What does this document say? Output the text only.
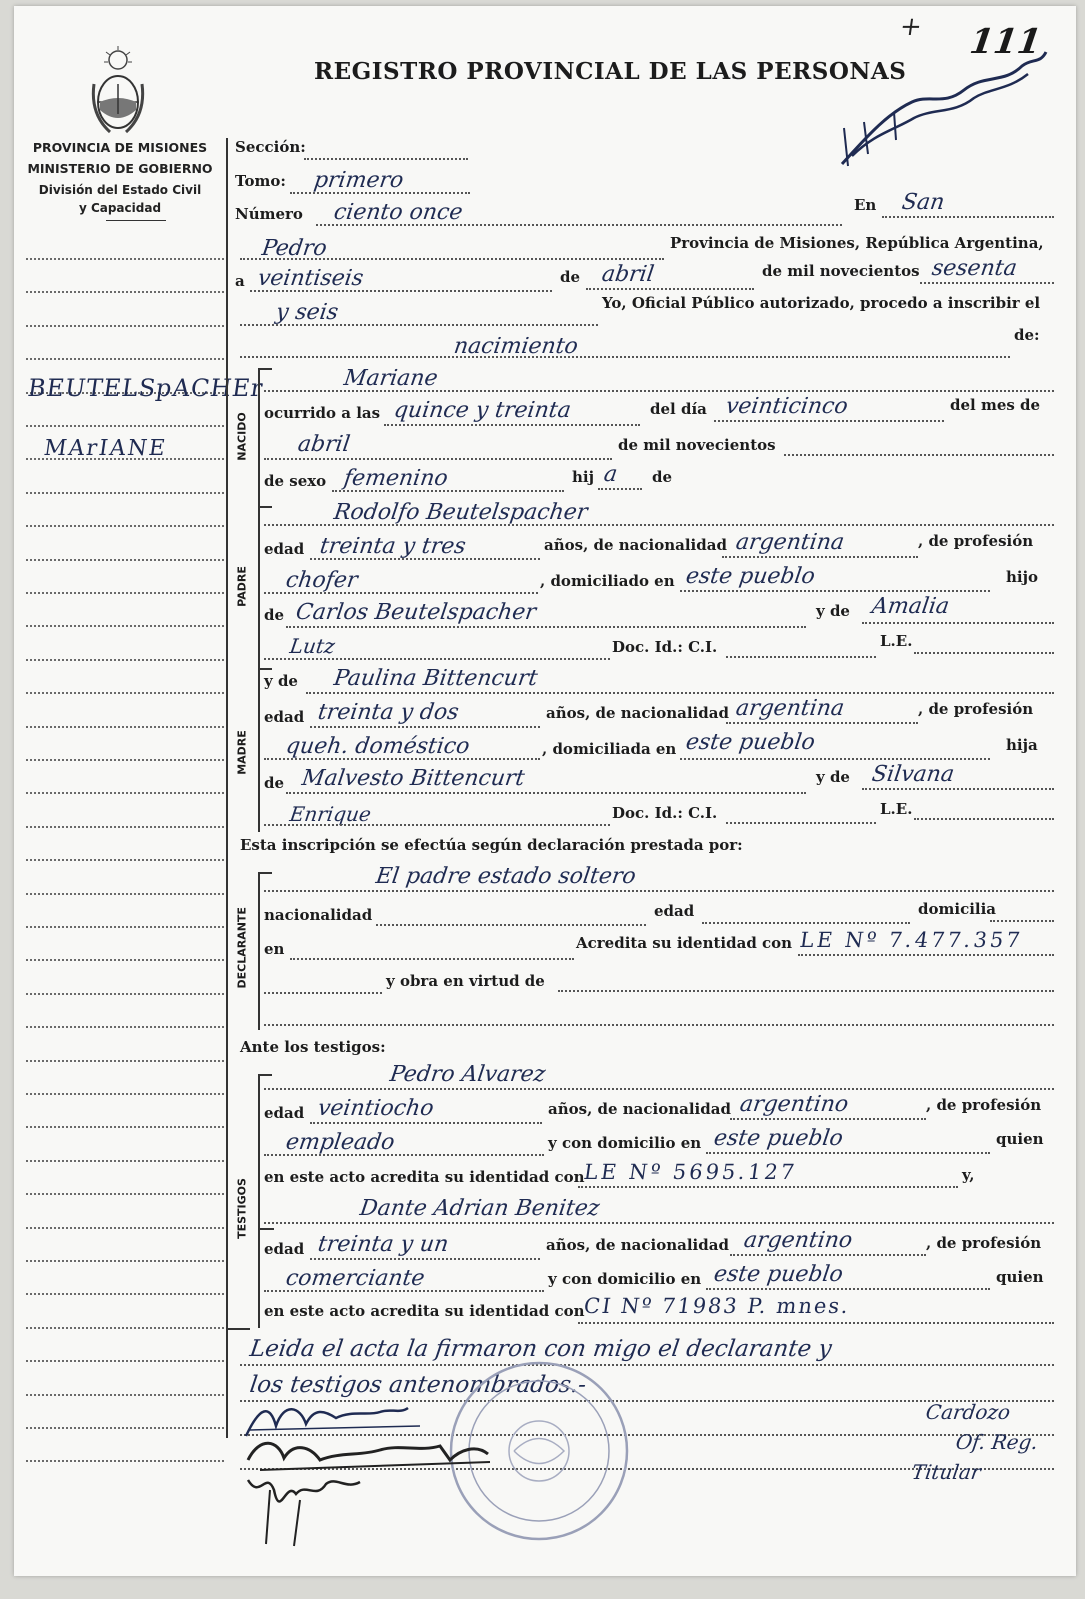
PROVINCIA DE MISIONES
MINISTERIO DE GOBIERNO
División del Estado Civil
y Capacidad
BEUTELSpACHEr
MArIANE
REGISTRO PROVINCIAL DE LAS PERSONAS
+ 111
Sección:
Tomo: primero
Número ciento once	En San
Pedro	Provincia de Misiones, República Argentina,
a veintiseis	de abril	de mil novecientos sesenta
y seis	Yo, Oficial Público autorizado, procedo a inscribir el
nacimiento	de:
NACIDO
Mariane
ocurrido a las quince y treinta	del día veinticinco	del mes de
abril	de mil novecientos
de sexo femenino	hij a de
PADRE
Rodolfo Beutelspacher
edad treinta y tres	años, de nacionalidad argentina	, de profesión
chofer	, domiciliado en este pueblo	hijo
de Carlos Beutelspacher	y de Amalia
Lutz	Doc. Id.: C.I.	L.E.
MADRE
y de Paulina Bittencurt
edad treinta y dos	años, de nacionalidad argentina	, de profesión
queh. doméstico	, domiciliada en este pueblo	hija
de Malvesto Bittencurt	y de Silvana
Enrique	Doc. Id.: C.I.	L.E.
Esta inscripción se efectúa según declaración prestada por:
DECLARANTE
El padre estado soltero
nacionalidad	edad	domicilia
en	Acredita su identidad con LE Nº 7.477.357
y obra en virtud de
Ante los testigos:
TESTIGOS
Pedro Alvarez
edad veintiocho	años, de nacionalidad argentino	, de profesión
empleado	y con domicilio en este pueblo	quien
en este acto acredita su identidad con
LE Nº 5695.127	y,
Dante Adrian Benitez
edad treinta y un	años, de nacionalidad argentino	, de profesión
comerciante	y con domicilio en este pueblo	quien
en este acto acredita su identidad con
CI Nº 71983 P. mnes.
Leida el acta la firmaron con migo el declarante y
los testigos antenombrados.-
Cardozo
Of. Reg.
Titular
